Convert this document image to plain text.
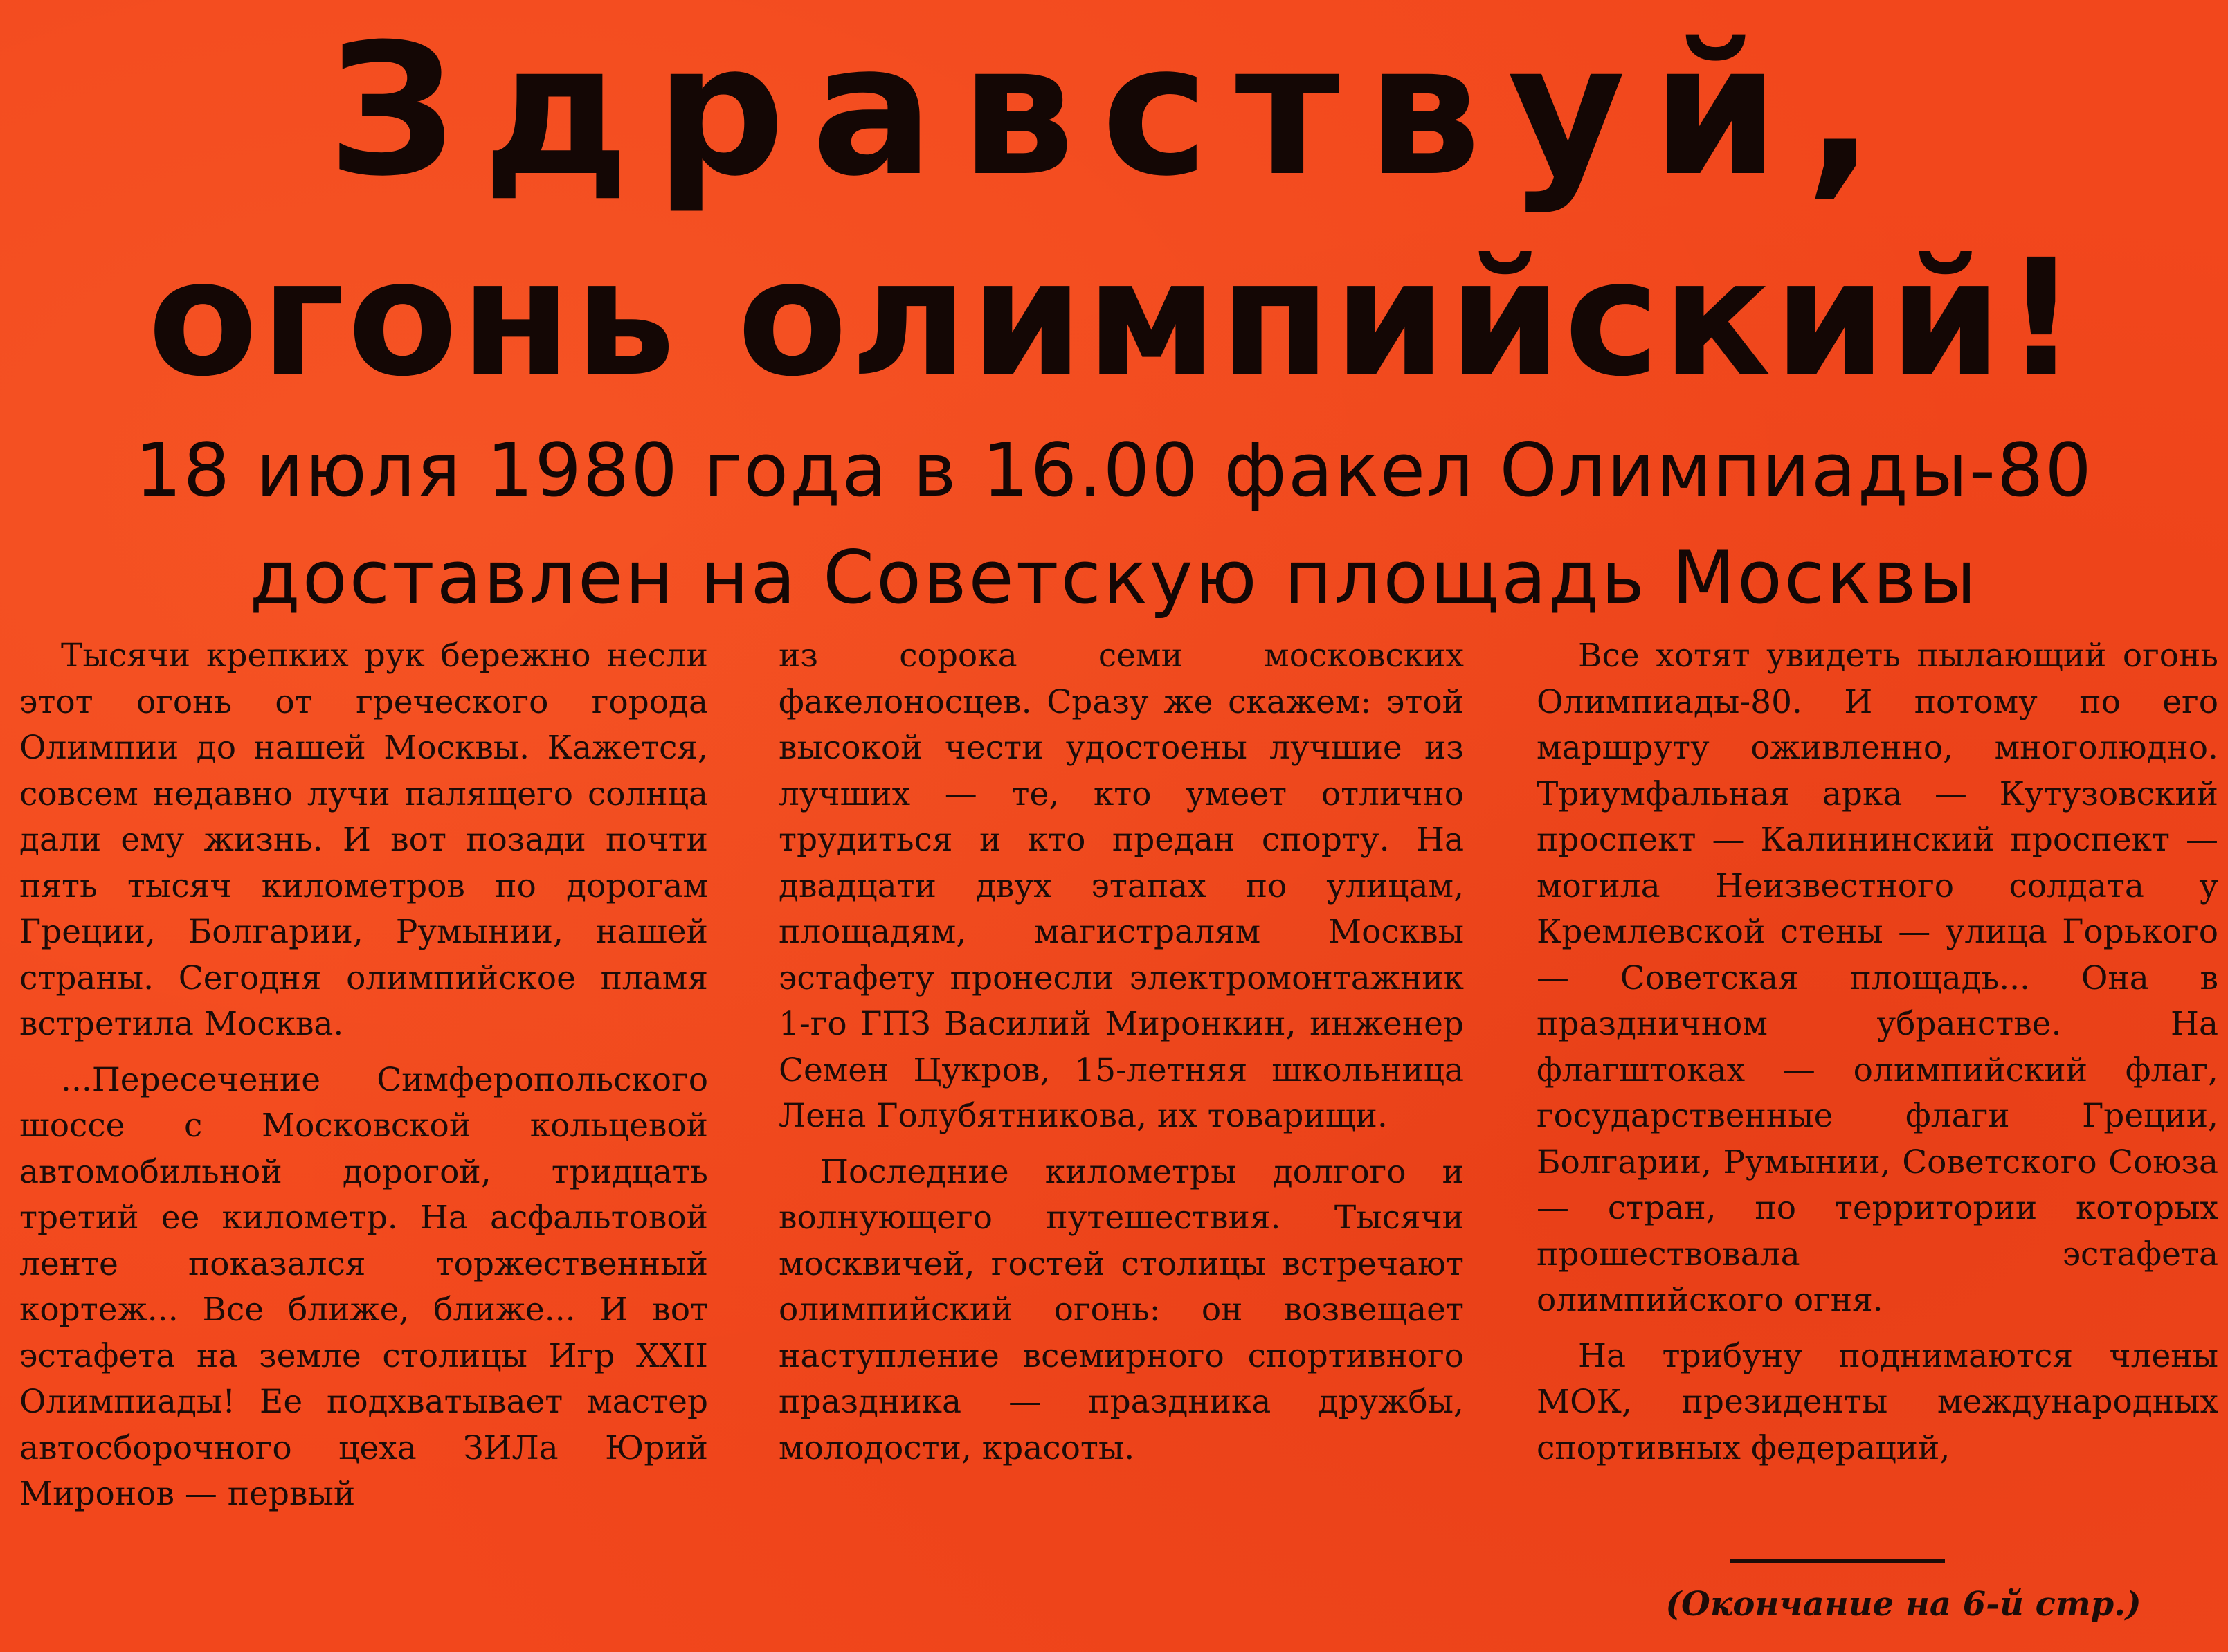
Здравствуй,
огонь олимпийский!
18 июля 1980 года в 16.00 факел Олимпиады-80
доставлен на Советскую площадь Москвы

Тысячи крепких рук бережно несли этот огонь от греческого города Олимпии до нашей Москвы. Кажется, совсем недавно лучи палящего солнца дали ему жизнь. И вот позади почти пять тысяч километров по дорогам Греции, Болгарии, Румынии, нашей страны. Сегодня олимпийское пламя встретила Москва.

...Пересечение Симферопольского шоссе с Московской кольцевой автомобильной дорогой, тридцать третий ее километр. На асфальтовой ленте показался торжественный кортеж... Все ближе, ближе... И вот эстафета на земле столицы Игр XXII Олимпиады! Ее подхватывает мастер автосборочного цеха ЗИЛа Юрий Миронов — первый

из сорока семи московских факелоносцев. Сразу же скажем: этой высокой чести удостоены лучшие из лучших — те, кто умеет отлично трудиться и кто предан спорту. На двадцати двух этапах по улицам, площадям, магистралям Москвы эстафету пронесли электромонтажник 1-го ГПЗ Василий Миронкин, инженер Семен Цукров, 15-летняя школьница Лена Голубятникова, их товарищи.

Последние километры долгого и волнующего путешествия. Тысячи москвичей, гостей столицы встречают олимпийский огонь: он возвещает наступление всемирного спортивного праздника — праздника дружбы, молодости, красоты.

Все хотят увидеть пылающий огонь Олимпиады-80. И потому по его маршруту оживленно, многолюдно. Триумфальная арка — Кутузовский проспект — Калининский проспект — могила Неизвестного солдата у Кремлевской стены — улица Горького — Советская площадь... Она в праздничном убранстве. На флагштоках — олимпийский флаг, государственные флаги Греции, Болгарии, Румынии, Советского Союза — стран, по территории которых прошествовала эстафета олимпийского огня.

На трибуну поднимаются члены МОК, президенты международных спортивных федераций,

(Окончание на 6-й стр.)
